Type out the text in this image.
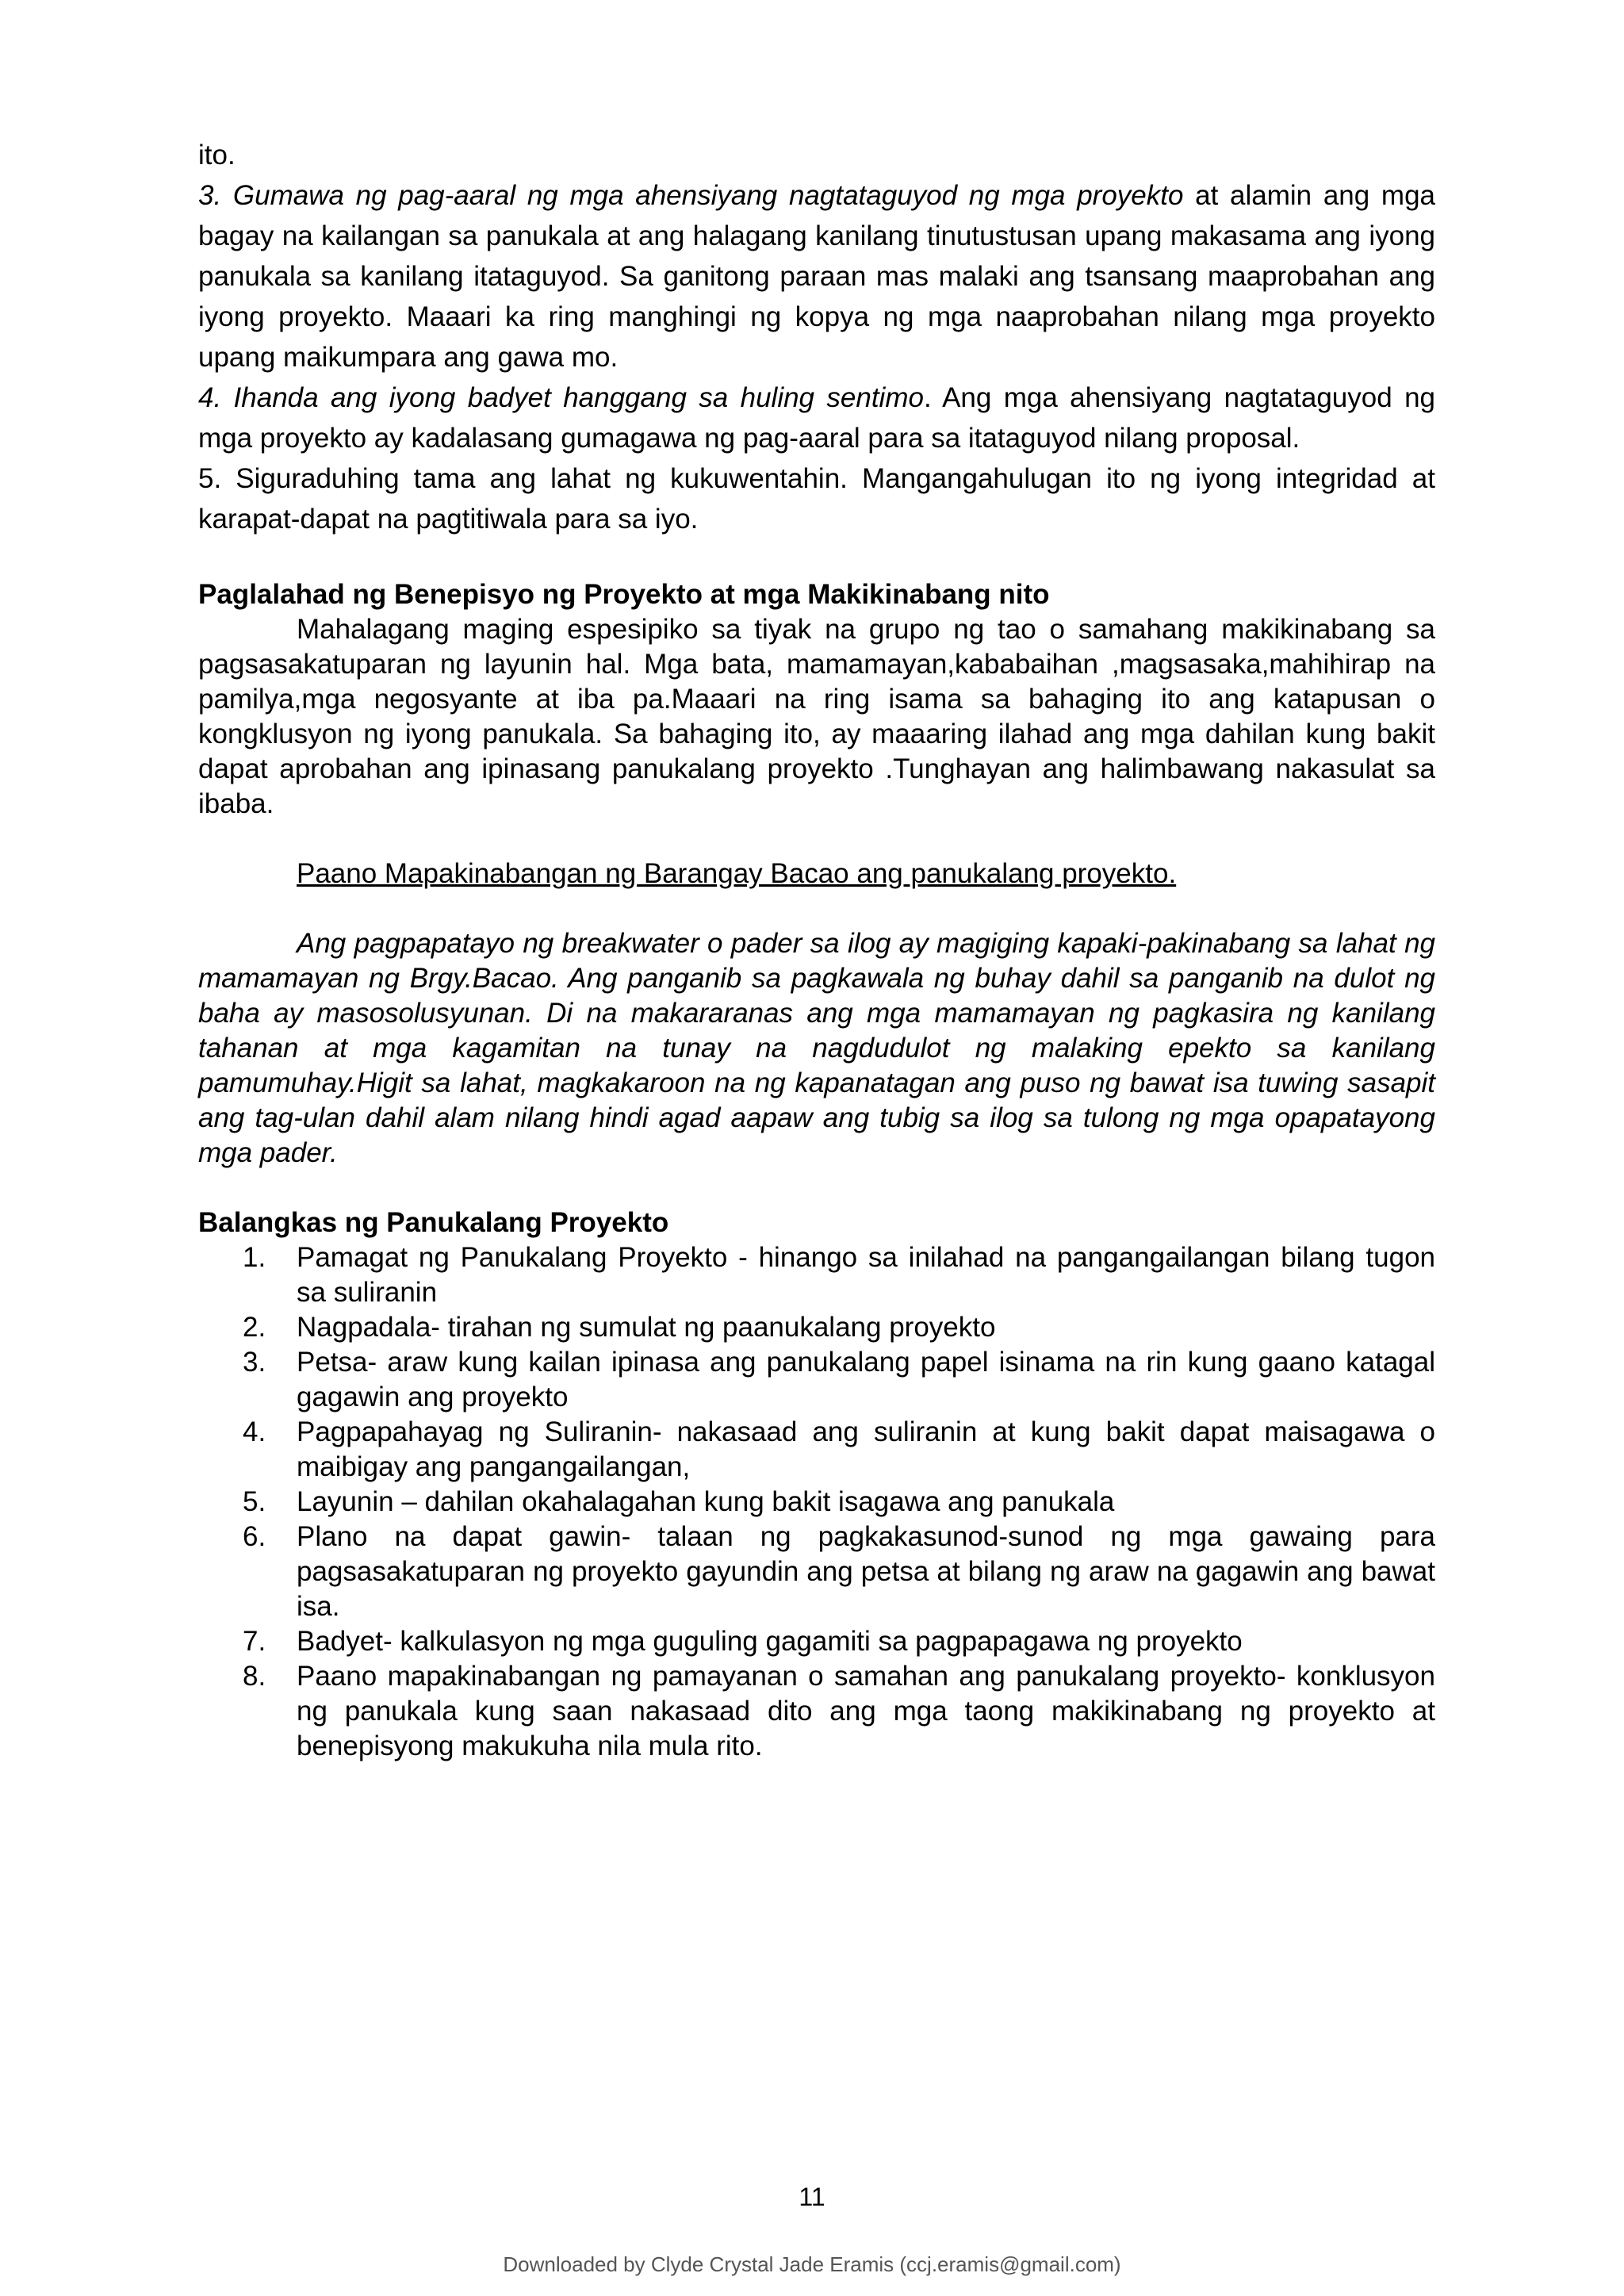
ito.

3. Gumawa ng pag-aaral ng mga ahensiyang nagtataguyod ng mga proyekto at alamin ang mga bagay na kailangan sa panukala at ang halagang kanilang tinutustusan upang makasama ang iyong panukala sa kanilang itataguyod. Sa ganitong paraan mas malaki ang tsansang maaprobahan ang iyong proyekto. Maaari ka ring manghingi ng kopya ng mga naaprobahan nilang mga proyekto upang maikumpara ang gawa mo.

4. Ihanda ang iyong badyet hanggang sa huling sentimo. Ang mga ahensiyang nagtataguyod ng mga proyekto ay kadalasang gumagawa ng pag-aaral para sa itataguyod nilang proposal.

5. Siguraduhing tama ang lahat ng kukuwentahin. Mangangahulugan ito ng iyong integridad at karapat-dapat na pagtitiwala para sa iyo.

Paglalahad ng Benepisyo ng Proyekto at mga Makikinabang nito

Mahalagang maging espesipiko sa tiyak na grupo ng tao o samahang makikinabang sa pagsasakatuparan ng layunin hal. Mga bata, mamamayan,kababaihan ,magsasaka,mahihirap na pamilya,mga negosyante at iba pa.Maaari na ring isama sa bahaging ito ang katapusan o kongklusyon ng iyong panukala. Sa bahaging ito, ay maaaring ilahad ang mga dahilan kung bakit dapat aprobahan ang ipinasang panukalang proyekto .Tunghayan ang halimbawang nakasulat sa ibaba.

Paano Mapakinabangan ng Barangay Bacao ang panukalang proyekto.

Ang pagpapatayo ng breakwater o pader sa ilog ay magiging kapaki-pakinabang sa lahat ng mamamayan ng Brgy.Bacao. Ang panganib sa pagkawala ng buhay dahil sa panganib na dulot ng baha ay masosolusyunan. Di na makararanas ang mga mamamayan ng pagkasira ng kanilang tahanan at mga kagamitan na tunay na nagdudulot ng malaking epekto sa kanilang pamumuhay.Higit sa lahat, magkakaroon na ng kapanatagan ang puso ng bawat isa tuwing sasapit ang tag-ulan dahil alam nilang hindi agad aapaw ang tubig sa ilog sa tulong ng mga opapatayong mga pader.

Balangkas ng Panukalang Proyekto

1. Pamagat ng Panukalang Proyekto - hinango sa inilahad na pangangailangan bilang tugon sa suliranin
2. Nagpadala- tirahan ng sumulat ng paanukalang proyekto
3. Petsa- araw kung kailan ipinasa ang panukalang papel isinama na rin kung gaano katagal gagawin ang proyekto
4. Pagpapahayag ng Suliranin- nakasaad ang suliranin at kung bakit dapat maisagawa o maibigay ang pangangailangan,
5. Layunin – dahilan okahalagahan kung bakit isagawa ang panukala
6. Plano na dapat gawin- talaan ng pagkakasunod-sunod ng mga gawaing para pagsasakatuparan ng proyekto gayundin ang petsa at bilang ng araw na gagawin ang bawat isa.
7. Badyet- kalkulasyon ng mga guguling gagamiti sa pagpapagawa ng proyekto
8. Paano mapakinabangan ng pamayanan o samahan ang panukalang proyekto- konklusyon ng panukala kung saan nakasaad dito ang mga taong makikinabang ng proyekto at benepisyong makukuha nila mula rito.
11
Downloaded by Clyde Crystal Jade Eramis (ccj.eramis@gmail.com)
